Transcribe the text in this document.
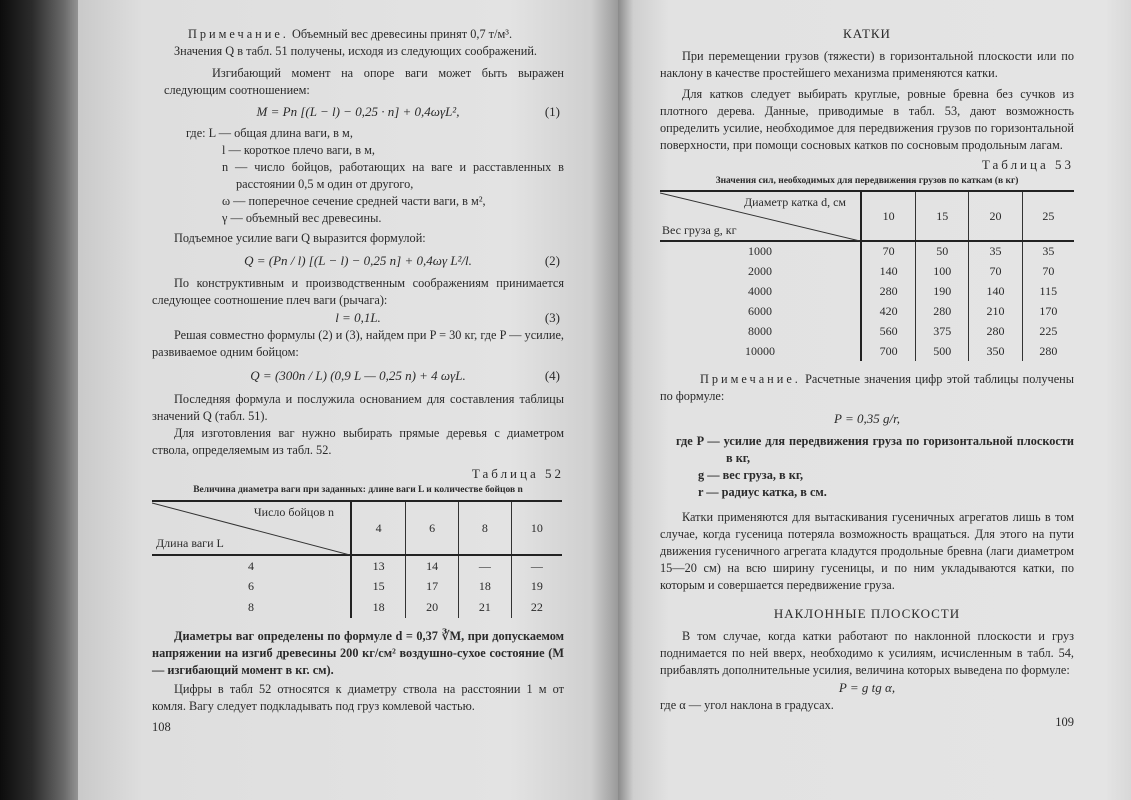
Примечание. Объемный вес древесины принят 0,7 т/м³.
Значения Q в табл. 51 получены, исходя из следующих соображений.
Изгибающий момент на опоре ваги может быть выражен следующим соотношением:
M = Pn [(L − l) − 0,25 · n] + 0,4ωγL²,	(1)
где: L — общая длина ваги, в м,
l — короткое плечо ваги, в м,
n — число бойцов, работающих на ваге и расставленных в расстоянии 0,5 м один от другого,
ω — поперечное сечение средней части ваги, в м²,
γ — объемный вес древесины.
Подъемное усилие ваги Q выразится формулой:
Q = (Pn / l) [(L − l) − 0,25 n] + 0,4ωγ L²/l.	(2)
По конструктивным и производственным соображениям принимается следующее соотношение плеч ваги (рычага):
l = 0,1L.	(3)
Решая совместно формулы (2) и (3), найдем при P = 30 кг, где P — усилие, развиваемое одним бойцом:
Q = (300n / L) (0,9 L — 0,25 n) + 4 ωγL.	(4)
Последняя формула и послужила основанием для составления таблицы значений Q (табл. 51).
Для изготовления ваг нужно выбирать прямые деревья с диаметром ствола, определяемым из табл. 52.
Таблица 52
Величина диаметра ваги при заданных: длине ваги L и количестве бойцов n
Число бойцов n
Длина ваги L	4	6	8	10
4	13	14	—	—
6	15	17	18	19
8	18	20	21	22
Диаметры ваг определены по формуле d = 0,37 ∛M, при допускаемом напряжении на изгиб древесины 200 кг/см² воздушно-сухое состояние (M — изгибающий момент в кг. см).
Цифры в табл 52 относятся к диаметру ствола на расстоянии 1 м от комля. Вагу следует подкладывать под груз комлевой частью.
108
КАТКИ
При перемещении грузов (тяжести) в горизонтальной плоскости или по наклону в качестве простейшего механизма применяются катки.
Для катков следует выбирать круглые, ровные бревна без сучков из плотного дерева. Данные, приводимые в табл. 53, дают возможность определить усилие, необходимое для передвижения грузов по горизонтальной поверхности, при помощи сосновых катков по сосновым продольным лагам.
Таблица 53
Значения сил, необходимых для передвижения грузов по каткам (в кг)
Диаметр катка d, см
Вес груза g, кг	10	15	20	25
1000	70	50	35	35
2000	140	100	70	70
4000	280	190	140	115
6000	420	280	210	170
8000	560	375	280	225
10000	700	500	350	280
Примечание. Расчетные значения цифр этой таблицы получены по формуле:
P = 0,35 g/r,
где P — усилие для передвижения груза по горизонтальной плоскости в кг,
g — вес груза, в кг,
r — радиус катка, в см.
Катки применяются для вытаскивания гусеничных агрегатов лишь в том случае, когда гусеница потеряла возможность вращаться. Для этого на пути движения гусеничного агрегата кладутся продольные бревна (лаги диаметром 15—20 см) на всю ширину гусеницы, и по ним укладываются катки, по которым и совершается передвижение груза.
НАКЛОННЫЕ ПЛОСКОСТИ
В том случае, когда катки работают по наклонной плоскости и груз поднимается по ней вверх, необходимо к усилиям, исчисленным в табл. 54, прибавлять дополнительные усилия, величина которых выведена по формуле:
P = g tg α,
где α — угол наклона в градусах.
109
